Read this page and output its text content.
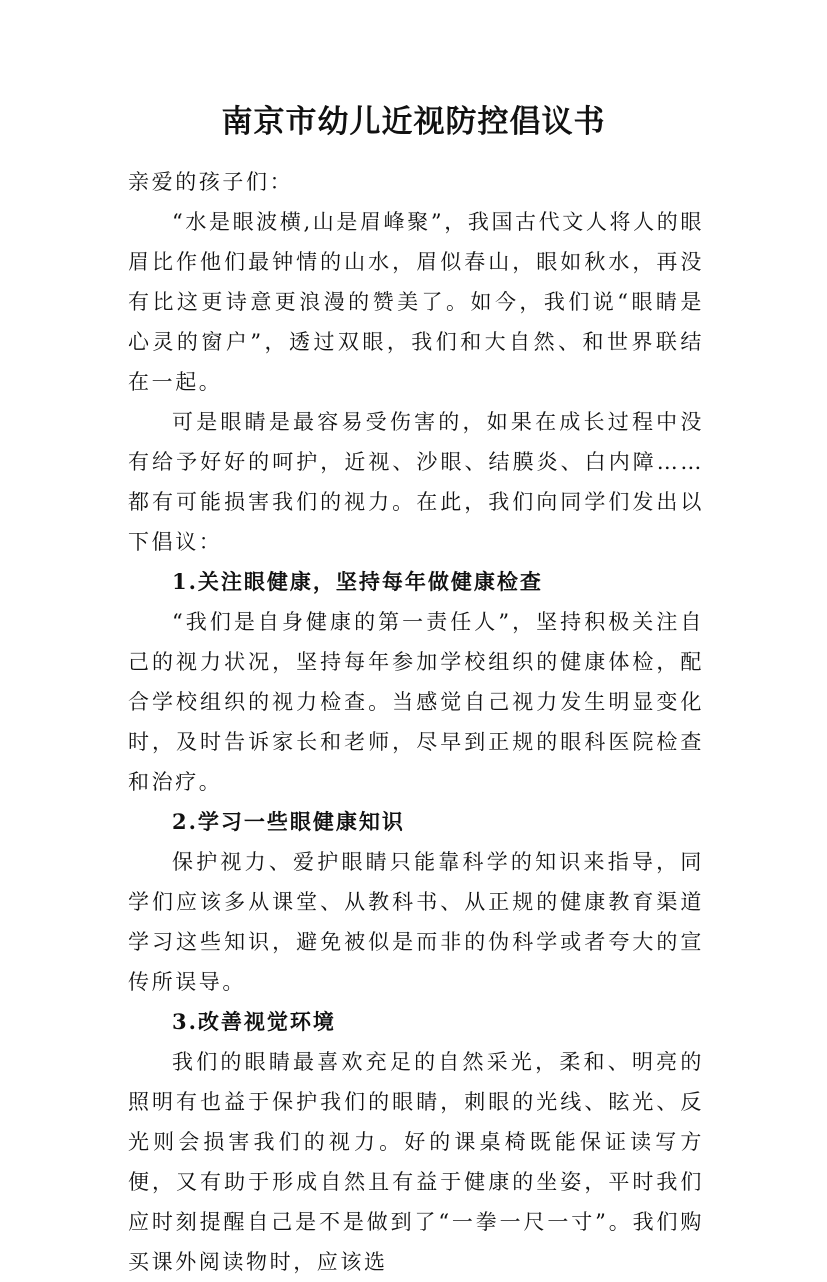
南京市幼儿近视防控倡议书

亲爱的孩子们：

“水是眼波横,山是眉峰聚”，我国古代文人将人的眼眉比作他们最钟情的山水，眉似春山，眼如秋水，再没有比这更诗意更浪漫的赞美了。如今，我们说“眼睛是心灵的窗户”，透过双眼，我们和大自然、和世界联结在一起。

可是眼睛是最容易受伤害的，如果在成长过程中没有给予好好的呵护，近视、沙眼、结膜炎、白内障……都有可能损害我们的视力。在此，我们向同学们发出以下倡议：

1.关注眼健康，坚持每年做健康检查

“我们是自身健康的第一责任人”，坚持积极关注自己的视力状况，坚持每年参加学校组织的健康体检，配合学校组织的视力检查。当感觉自己视力发生明显变化时，及时告诉家长和老师，尽早到正规的眼科医院检查和治疗。

2.学习一些眼健康知识

保护视力、爱护眼睛只能靠科学的知识来指导，同学们应该多从课堂、从教科书、从正规的健康教育渠道学习这些知识，避免被似是而非的伪科学或者夸大的宣传所误导。

3.改善视觉环境

我们的眼睛最喜欢充足的自然采光，柔和、明亮的照明有也益于保护我们的眼睛，刺眼的光线、眩光、反光则会损害我们的视力。好的课桌椅既能保证读写方便，又有助于形成自然且有益于健康的坐姿，平时我们应时刻提醒自己是不是做到了“一拳一尺一寸”。我们购买课外阅读物时，应该选
